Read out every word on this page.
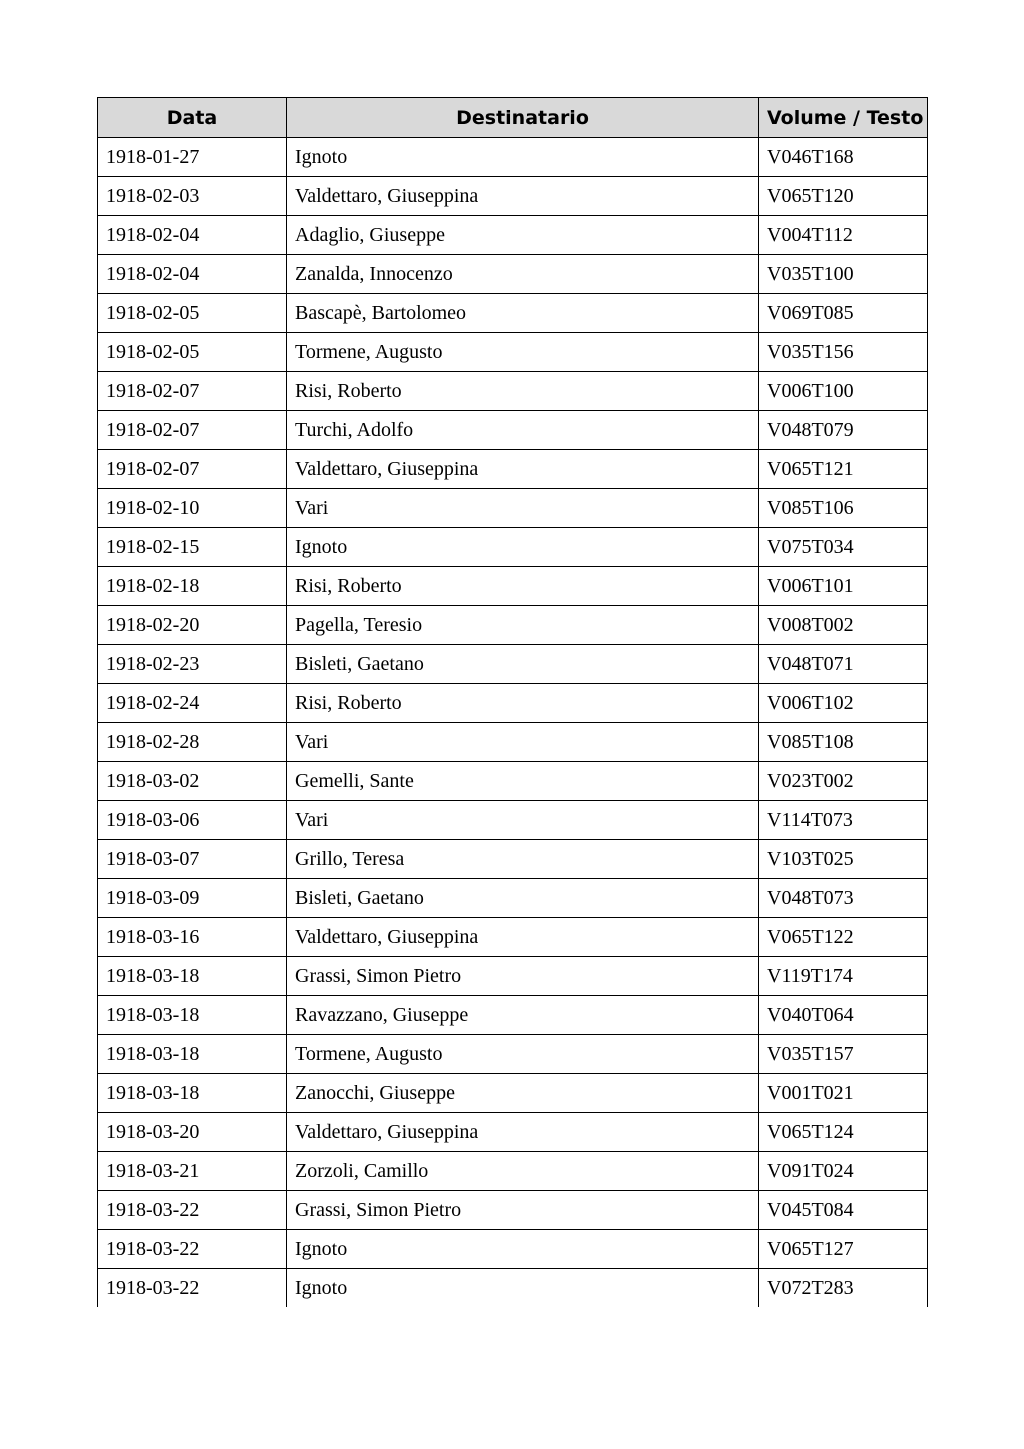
Data	Destinatario	Volume / Testo
1918-01-27	Ignoto	V046T168
1918-02-03	Valdettaro, Giuseppina	V065T120
1918-02-04	Adaglio, Giuseppe	V004T112
1918-02-04	Zanalda, Innocenzo	V035T100
1918-02-05	Bascapè, Bartolomeo	V069T085
1918-02-05	Tormene, Augusto	V035T156
1918-02-07	Risi, Roberto	V006T100
1918-02-07	Turchi, Adolfo	V048T079
1918-02-07	Valdettaro, Giuseppina	V065T121
1918-02-10	Vari	V085T106
1918-02-15	Ignoto	V075T034
1918-02-18	Risi, Roberto	V006T101
1918-02-20	Pagella, Teresio	V008T002
1918-02-23	Bisleti, Gaetano	V048T071
1918-02-24	Risi, Roberto	V006T102
1918-02-28	Vari	V085T108
1918-03-02	Gemelli, Sante	V023T002
1918-03-06	Vari	V114T073
1918-03-07	Grillo, Teresa	V103T025
1918-03-09	Bisleti, Gaetano	V048T073
1918-03-16	Valdettaro, Giuseppina	V065T122
1918-03-18	Grassi, Simon Pietro	V119T174
1918-03-18	Ravazzano, Giuseppe	V040T064
1918-03-18	Tormene, Augusto	V035T157
1918-03-18	Zanocchi, Giuseppe	V001T021
1918-03-20	Valdettaro, Giuseppina	V065T124
1918-03-21	Zorzoli, Camillo	V091T024
1918-03-22	Grassi, Simon Pietro	V045T084
1918-03-22	Ignoto	V065T127
1918-03-22	Ignoto	V072T283
